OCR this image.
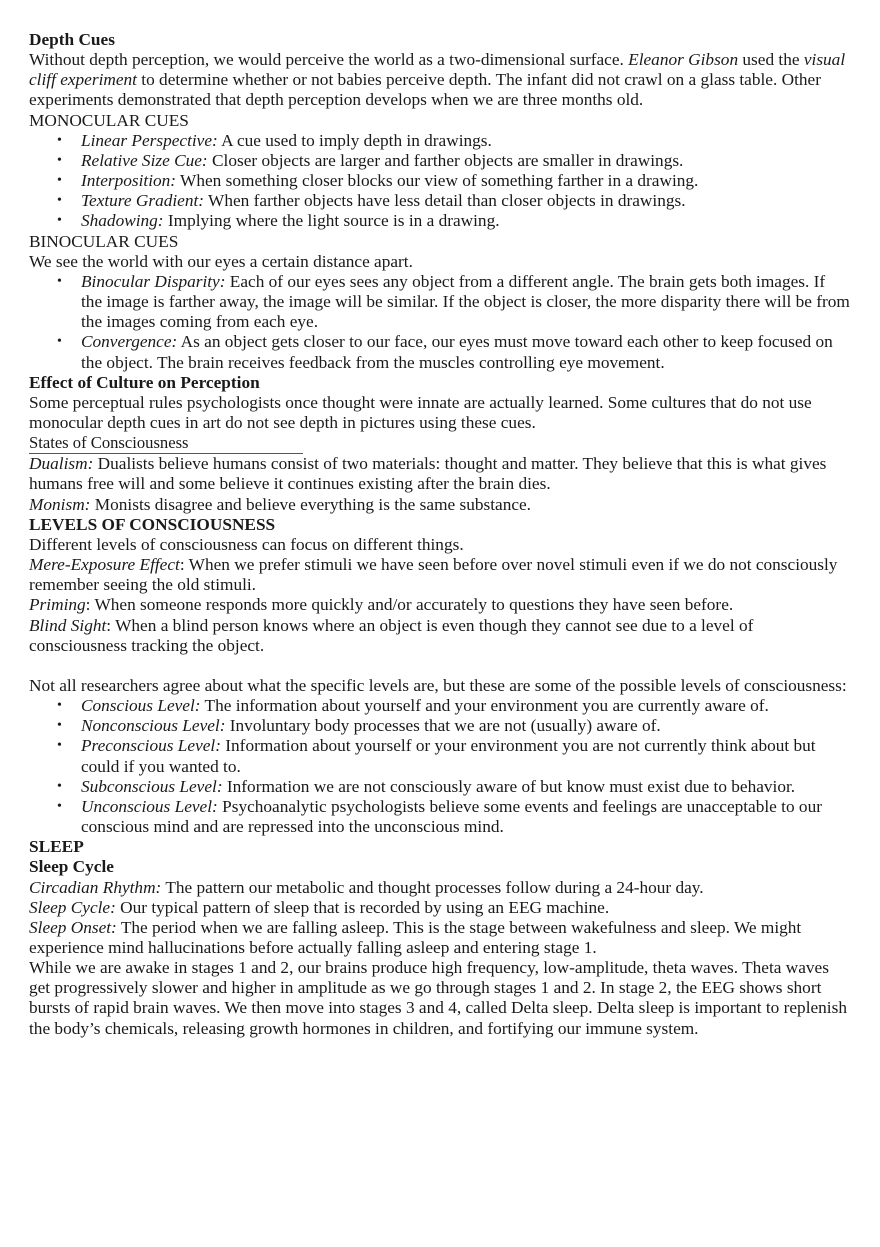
Depth Cues

Without depth perception, we would perceive the world as a two-dimensional surface. Eleanor Gibson used the visual cliff experiment to determine whether or not babies perceive depth. The infant did not crawl on a glass table. Other experiments demonstrated that depth perception develops when we are three months old.

MONOCULAR CUES
• Linear Perspective: A cue used to imply depth in drawings.
• Relative Size Cue: Closer objects are larger and farther objects are smaller in drawings.
• Interposition: When something closer blocks our view of something farther in a drawing.
• Texture Gradient: When farther objects have less detail than closer objects in drawings.
• Shadowing: Implying where the light source is in a drawing.
BINOCULAR CUES

We see the world with our eyes a certain distance apart.

• Binocular Disparity: Each of our eyes sees any object from a different angle. The brain gets both images. If the image is farther away, the image will be similar. If the object is closer, the more disparity there will be from the images coming from each eye.
• Convergence: As an object gets closer to our face, our eyes must move toward each other to keep focused on the object. The brain receives feedback from the muscles controlling eye movement.
Effect of Culture on Perception

Some perceptual rules psychologists once thought were innate are actually learned. Some cultures that do not use monocular depth cues in art do not see depth in pictures using these cues.

States of Consciousness

Dualism: Dualists believe humans consist of two materials: thought and matter. They believe that this is what gives humans free will and some believe it continues existing after the brain dies.

Monism: Monists disagree and believe everything is the same substance.

LEVELS OF CONSCIOUSNESS

Different levels of consciousness can focus on different things.

Mere-Exposure Effect: When we prefer stimuli we have seen before over novel stimuli even if we do not consciously remember seeing the old stimuli.

Priming: When someone responds more quickly and/or accurately to questions they have seen before.

Blind Sight: When a blind person knows where an object is even though they cannot see due to a level of consciousness tracking the object.

Not all researchers agree about what the specific levels are, but these are some of the possible levels of consciousness:

• Conscious Level: The information about yourself and your environment you are currently aware of.
• Nonconscious Level: Involuntary body processes that we are not (usually) aware of.
• Preconscious Level: Information about yourself or your environment you are not currently think about but could if you wanted to.
• Subconscious Level: Information we are not consciously aware of but know must exist due to behavior.
• Unconscious Level: Psychoanalytic psychologists believe some events and feelings are unacceptable to our conscious mind and are repressed into the unconscious mind.
SLEEP
Sleep Cycle

Circadian Rhythm: The pattern our metabolic and thought processes follow during a 24-hour day.

Sleep Cycle: Our typical pattern of sleep that is recorded by using an EEG machine.

Sleep Onset: The period when we are falling asleep. This is the stage between wakefulness and sleep. We might experience mind hallucinations before actually falling asleep and entering stage 1.

While we are awake in stages 1 and 2, our brains produce high frequency, low-amplitude, theta waves. Theta waves get progressively slower and higher in amplitude as we go through stages 1 and 2. In stage 2, the EEG shows short bursts of rapid brain waves. We then move into stages 3 and 4, called Delta sleep. Delta sleep is important to replenish the body’s chemicals, releasing growth hormones in children, and fortifying our immune system.
